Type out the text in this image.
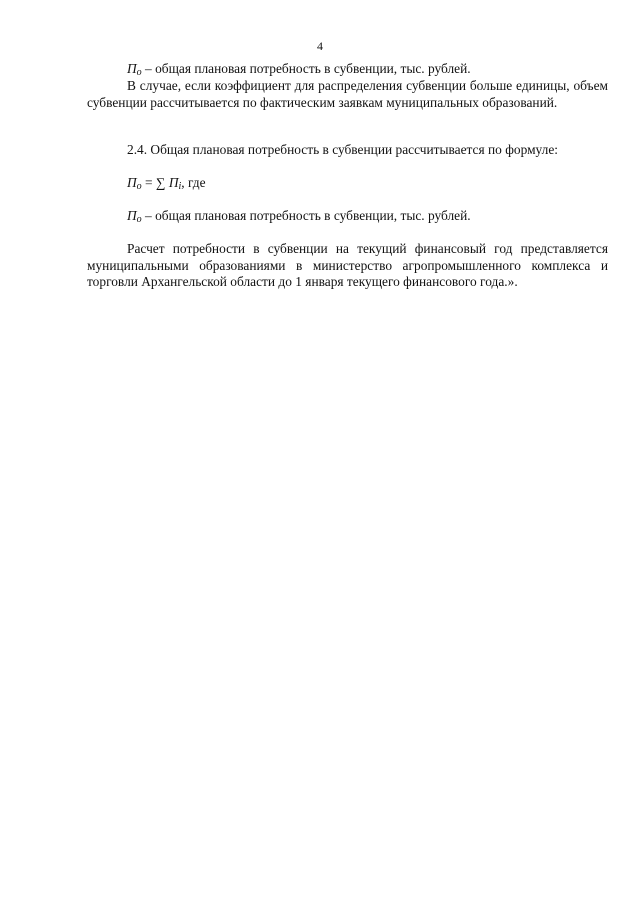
4

$П_о$ – общая плановая потребность в субвенции, тыс. рублей.

В случае, если коэффициент для распределения субвенции больше единицы, объем субвенции рассчитывается по фактическим заявкам муниципальных образований.

2.4. Общая плановая потребность в субвенции рассчитывается по формуле:

$П_о$ = ∑ $П_i$, где

$П_о$ – общая плановая потребность в субвенции, тыс. рублей.

Расчет потребности в субвенции на текущий финансовый год представляется муниципальными образованиями в министерство агропромышленного комплекса и торговли Архангельской области до 1 января текущего финансового года.».
